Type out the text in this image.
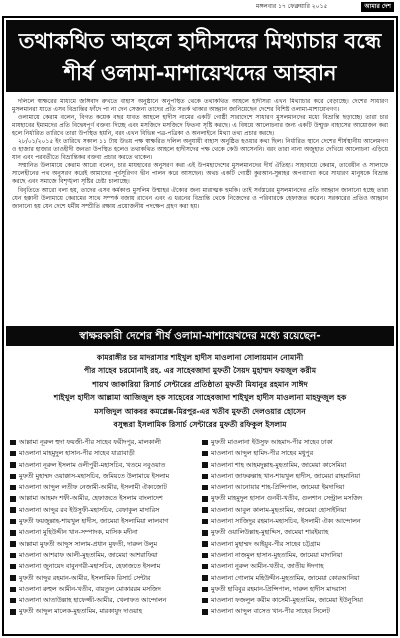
মঙ্গলবার ১৭ ফেব্রুয়ারি ২০১৫	আমার দেশ
তথাকথিত আহলে হাদীসদের মিথ্যাচার বন্ধে
শীর্ষ ওলামা-মাশায়েখদের আহ্বান

দলিলে স্বাক্ষরের মাধ্যমে জঙ্গিবাদ রুখতে বাহাস অনুষ্ঠানে অনুপস্থিত থেকে তথাকথিত আহলে হাদীসরা এখন মিথ্যাচার করে বেড়াচ্ছে। দেশের সাধারণ মুসলমানরা যাতে এসব বিভ্রান্তির ফাঁদে পা না দেন সেজন্য তাদের প্রতি সতর্ক থাকার আহ্বান জানিয়েছেন দেশের বিশিষ্ট ওলামা-মাশায়েখগণ।

ওলামায়ে কেরাম বলেন, বিগত কয়েক বছর যাবত আহলে হাদীস নামের একটি গোষ্ঠী সারাদেশে সাধারণ মুসলমানদের মধ্যে বিভ্রান্তি ছড়াচ্ছে। তারা চার মাযহাবের ইমামদের প্রতি বিদ্বেষপূর্ণ বক্তব্য দিচ্ছে এবং মসজিদে মসজিদে ফিতনা সৃষ্টি করছে। এ বিষয়ে আলোচনার জন্য একটি উন্মুক্ত বাহাসের আয়োজন করা হলে নির্ধারিত তারিখে তারা উপস্থিত হয়নি, বরং এখন বিভিন্ন পত্র-পত্রিকা ও অনলাইনে মিথ্যা তথ্য প্রচার করছে।

২৮/০১/২০১৫ ইং তারিখে সকাল ১১ টায় উভয় পক্ষ স্বাক্ষরিত দলিল অনুযায়ী বাহাস অনুষ্ঠিত হওয়ার কথা ছিল। নির্ধারিত স্থানে দেশের শীর্ষস্থানীয় আলেমগণ ও হাজার হাজার তাওহীদী জনতা উপস্থিত হলেও তথাকথিত আহলে হাদীসদের পক্ষ থেকে কেউ আসেননি। বরং তারা নানা অজুহাত দেখিয়ে আলোচনা এড়িয়ে যান এবং পরবর্তীতে বিভ্রান্তিকর বক্তব্য প্রচার করতে থাকেন।

সম্মানিত উলামায়ে কেরাম আরো বলেন, চার মাযহাবের অনুসরণ করা এই উপমহাদেশের মুসলমানদের দীর্ঘ ঐতিহ্য। সাহাবায়ে কেরাম, তাবেয়ীন ও সালাফে সালেহীনের পথ অনুসরণ করেই আমাদের পূর্বসূরিগণ দ্বীন পালন করে আসছেন। অথচ একটি গোষ্ঠী কুরআন-সুন্নাহর অপব্যাখ্যা করে সাধারণ মানুষকে বিভ্রান্ত করছে এবং সমাজে বিশৃঙ্খলা সৃষ্টির চেষ্টা চালাচ্ছে।

বিবৃতিতে আরো বলা হয়, তাদের এসব কর্মকাণ্ড মুসলিম উম্মাহর ঐক্যের জন্য মারাত্মক হুমকি। তাই সর্বস্তরের মুসলমানদের প্রতি আহ্বান জানানো হচ্ছে তারা যেন হক্কানী উলামায়ে কেরামের সাথে সম্পর্ক বজায় রাখেন এবং এ ধরনের বিভ্রান্তি থেকে নিজেদের ও পরিবারকে হেফাজত করেন। সরকারের প্রতিও আহ্বান জানানো হয় যেন দেশে ধর্মীয় সম্প্রীতি রক্ষায় প্রয়োজনীয় পদক্ষেপ গ্রহণ করা হয়।

স্বাক্ষরকারী দেশের শীর্ষ ওলামা-মাশায়েখদের মধ্যে রয়েছেন-
কামরাঙ্গীর চর মাদরাসার শাইখুল হাদীস মাওলানা সোলায়মান নোমানী
পীর সাহেব চরমোনাই রহ. এর সাহেবজাদা মুফতী সৈয়দ মুহাম্মদ ফয়জুল করীম
শায়খ জাকারিয়া রিসার্চ সেন্টারের প্রতিষ্ঠাতা মুফতী মিযানুর রহমান সাঈদ
শাইখুল হাদীস আল্লামা আজিজুল হক সাহেবের সাহেবজাদা শাইখুল হাদীস মাওলানা মাহফুজুল হক
মসজিদুল আকবর কমপ্লেক্স-মিরপুর-এর খতীব মুফতী দেলওয়ার হোসেন
বসুন্ধরা ইসলামিক রিসার্চ সেন্টারের মুফতী রফিকুল ইসলাম
আল্লামা নূরুল হুদা ফয়জী-পীর সাহেব ফরীদপুর, মালকালী
মাওলানা মাহমুদুল হাসান-পীর সাহেব যাত্রাবাড়ী
মাওলানা নূরুল ইসলাম ওলীপুরী-মহাসচিব, খতমে নবুওয়াত
মুফতী মুহাম্মদ ওয়াক্কাস-মহাসচিব, জমিয়তে উলামায়ে ইসলাম
মাওলানা আব্দুল লতীফ নেজামী-আমীর, ইসলামী ঐক্যজোট
আল্লামা আহমদ শফী-আমীর, হেফাজতে ইসলাম বাংলাদেশ
মাওলানা আব্দুর রব ইউসুফী-মহাসচিব, বেফাকুল মাদারিস
মুফতী ফয়জুল্লাহ-শায়খুল হাদীস, জামেয়া ইসলামিয়া লালবাগ
মাওলানা মুহিউদ্দীন খান-সম্পাদক, মাসিক মদীনা
আল্লামা মুফতী আব্দুস সালাম-প্রধান মুফতী, দারুল উলুম
মাওলানা আশরাফ আলী-মুহতামিম, জামেয়া আশরাফিয়া
মাওলানা জুনায়েদ বাবুনগরী-মহাসচিব, হেফাজতে ইসলাম
মুফতী আব্দুর রহমান-আমীর, ইসলামিক রিসার্চ সেন্টার
মাওলানা রুহুল আমীন-খতীব, বায়তুল মোকাররম মসজিদ
মাওলানা আতাউল্লাহ হাফেজ্জী-আমীর, খেলাফত আন্দোলন
মুফতী আব্দুল মালেক-মুহতামিম, মারকাযুদ দাওয়াহ
মুফতী মাওলানা ইউসুফ আহমাদ-পীর সাহেব ঢাকা
মাওলানা আব্দুল হামিদ-পীর সাহেব মধুপুর
মাওলানা শাহ আহমদুল্লাহ-মুহতামিম, জামেয়া কাসেমিয়া
মাওলানা জাফরুল্লাহ খান-শায়খুল হাদীস, জামেয়া রাহমানিয়া
মাওলানা আনোয়ার শাহ-প্রিন্সিপাল, জামেয়া ইমদাদিয়া
মুফতী মাহমুদুল হাসান গুনবী-খতীব, গুলশান সেন্ট্রাল মসজিদ
মাওলানা আবুল কালাম-মুহতামিম, জামেয়া হোসাইনিয়া
মাওলানা সাজিদুর রহমান-মহাসচিব, ইসলামী ঐক্য আন্দোলন
মুফতী ওয়ালিউল্লাহ-মুহাদ্দিস, জামেয়া শারইয়্যাহ
মাওলানা মুহাম্মদ আইয়ুব-পীর সাহেব চট্টগ্রাম
মাওলানা নাজমুল হাসান-মুহতামিম, জামেয়া মাদানিয়া
মাওলানা নুরুল আমীন-খতীব, জাতীয় ঈদগাহ
মাওলানা গোলাম মহিউদ্দীন-মুহতামিম, জামেয়া কোরআনিয়া
মুফতী হাবিবুর রহমান-প্রিন্সিপাল, দারুল হাদীস মাদরাসা
মাওলানা ফজলুল করীম কাসেমী-মুহতামিম, জামেয়া ইউনুসিয়া
মাওলানা আব্দুল বাসেত খান-পীর সাহেব সিলেট
